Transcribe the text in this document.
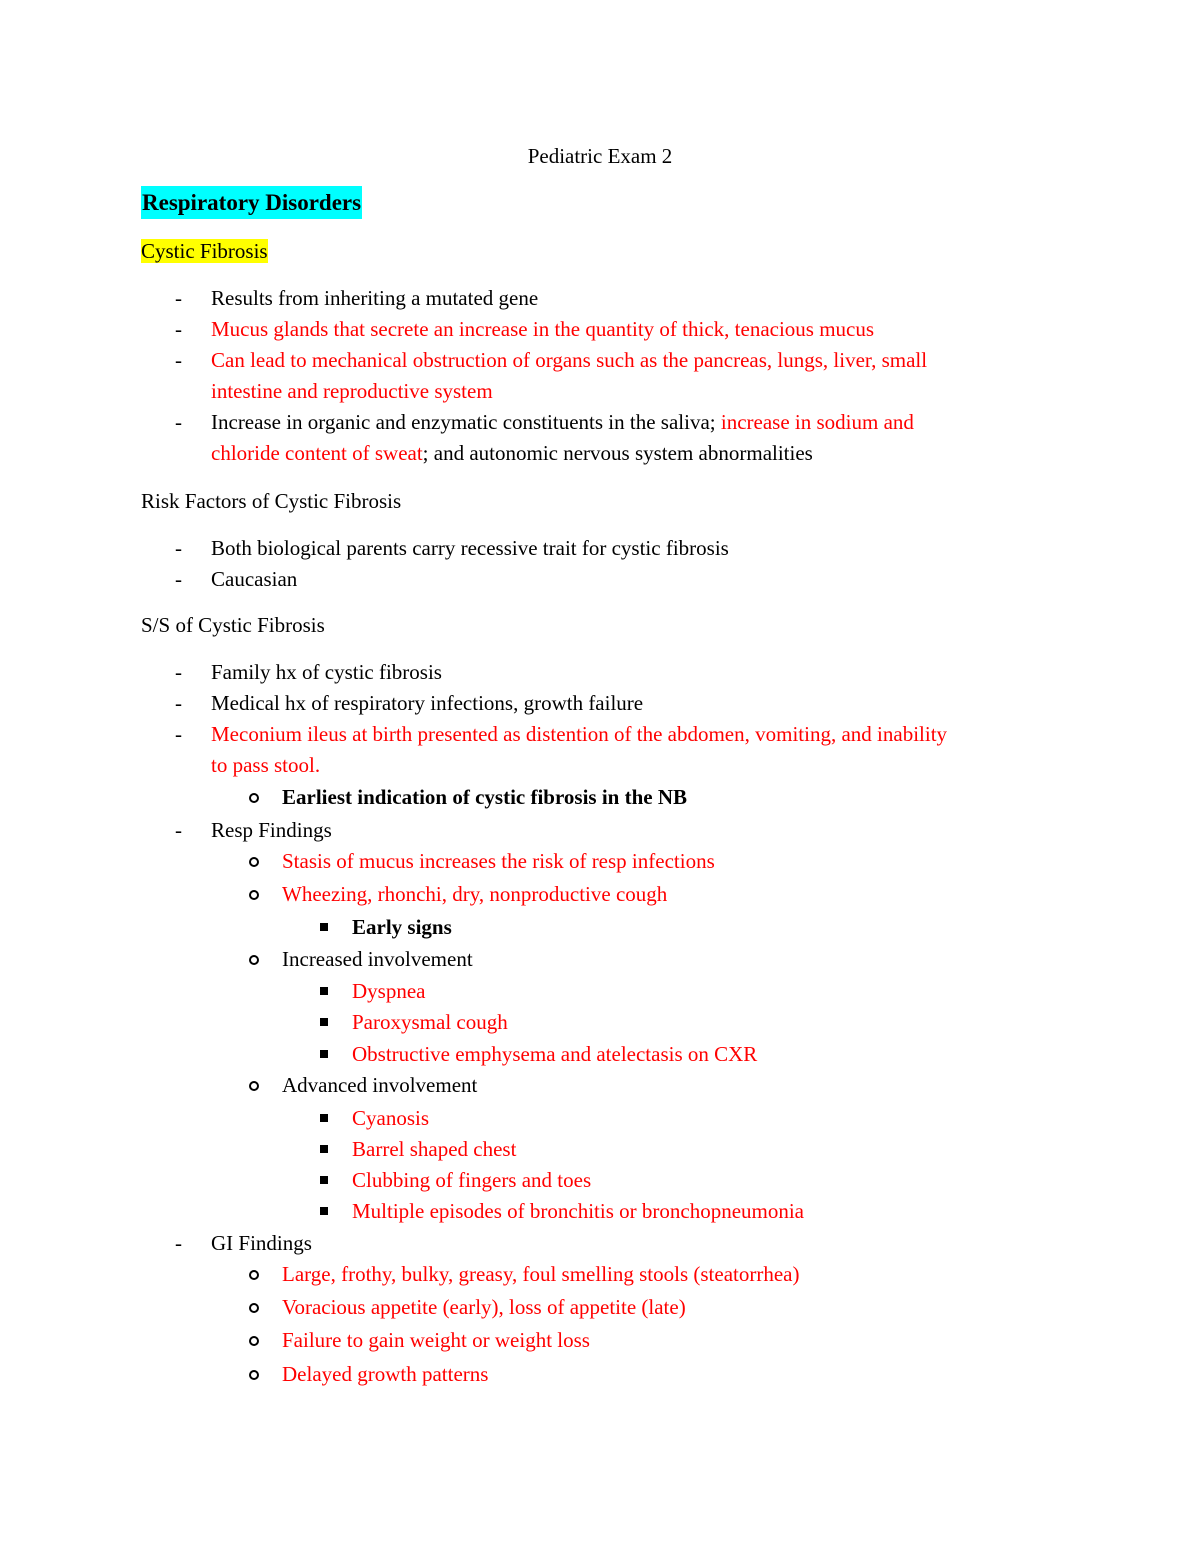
Pediatric Exam 2
Respiratory Disorders
Cystic Fibrosis
- Results from inheriting a mutated gene
- Mucus glands that secrete an increase in the quantity of thick, tenacious mucus
- Can lead to mechanical obstruction of organs such as the pancreas, lungs, liver, small
intestine and reproductive system
- Increase in organic and enzymatic constituents in the saliva; increase in sodium and
chloride content of sweat; and autonomic nervous system abnormalities
Risk Factors of Cystic Fibrosis
- Both biological parents carry recessive trait for cystic fibrosis
- Caucasian
S/S of Cystic Fibrosis
- Family hx of cystic fibrosis
- Medical hx of respiratory infections, growth failure
- Meconium ileus at birth presented as distention of the abdomen, vomiting, and inability
to pass stool.
Earliest indication of cystic fibrosis in the NB
- Resp Findings
Stasis of mucus increases the risk of resp infections
Wheezing, rhonchi, dry, nonproductive cough
Early signs
Increased involvement
Dyspnea
Paroxysmal cough
Obstructive emphysema and atelectasis on CXR
Advanced involvement
Cyanosis
Barrel shaped chest
Clubbing of fingers and toes
Multiple episodes of bronchitis or bronchopneumonia
- GI Findings
Large, frothy, bulky, greasy, foul smelling stools (steatorrhea)
Voracious appetite (early), loss of appetite (late)
Failure to gain weight or weight loss
Delayed growth patterns
